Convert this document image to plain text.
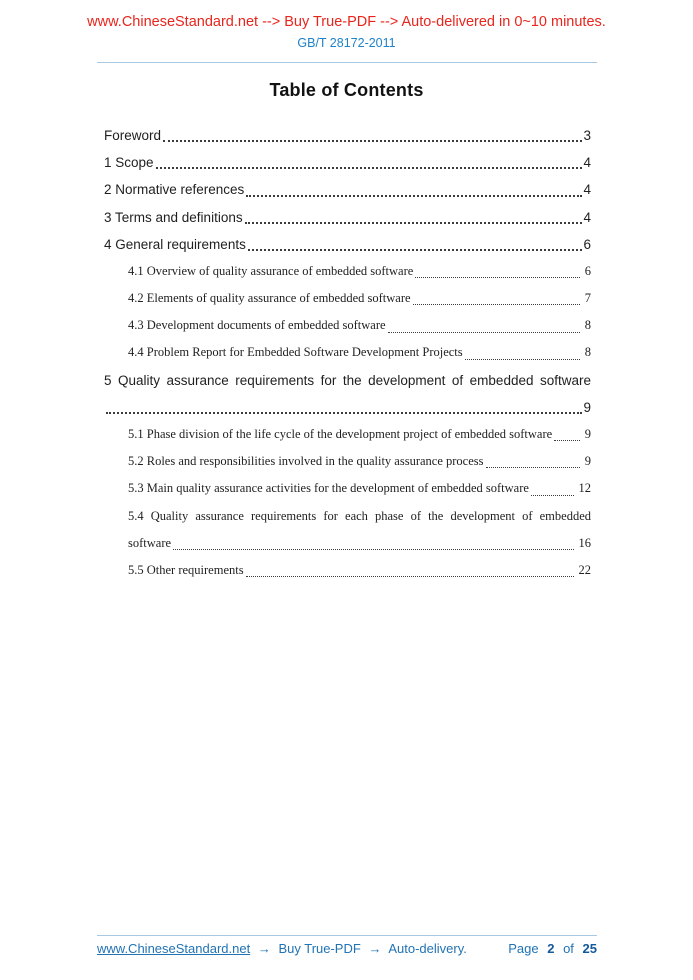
www.ChineseStandard.net --> Buy True-PDF --> Auto-delivered in 0~10 minutes.
GB/T 28172-2011
Table of Contents
Foreword	3
1 Scope	4
2 Normative references	4
3 Terms and definitions	4
4 General requirements	6
4.1 Overview of quality assurance of embedded software	6
4.2 Elements of quality assurance of embedded software	7
4.3 Development documents of embedded software	8
4.4 Problem Report for Embedded Software Development Projects	8
5 Quality assurance requirements for the development of embedded software
9
5.1 Phase division of the life cycle of the development project of embedded software	9
5.2 Roles and responsibilities involved in the quality assurance process	9
5.3 Main quality assurance activities for the development of embedded software	12
5.4 Quality assurance requirements for each phase of the development of embedded
software	16
5.5 Other requirements	22
www.ChineseStandard.net → Buy True-PDF → Auto-delivery.	Page 2 of 25
